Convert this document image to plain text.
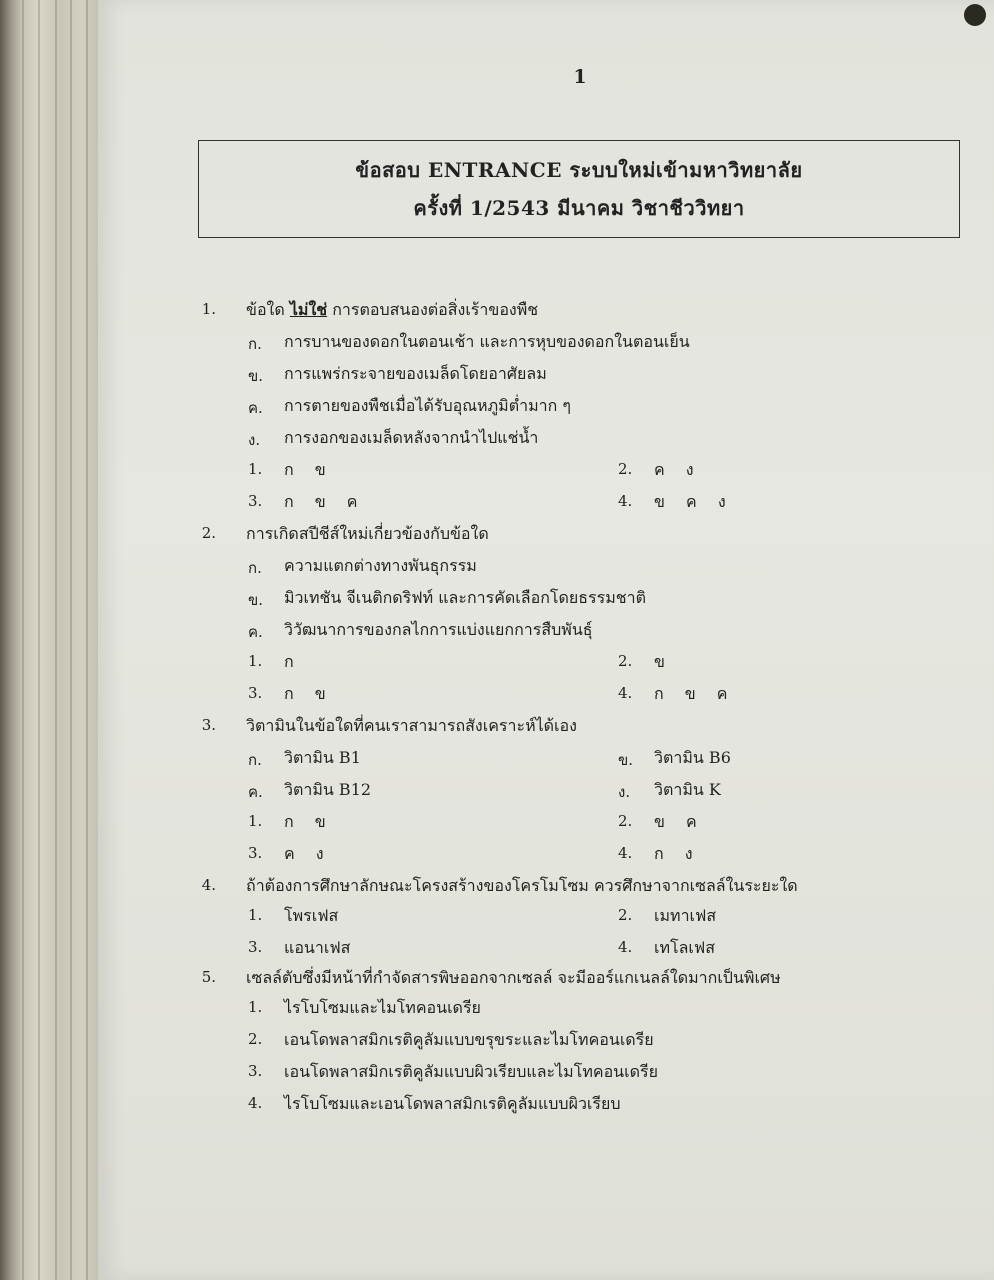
1
ข้อสอบ ENTRANCE ระบบใหม่เข้ามหาวิทยาลัย
ครั้งที่ 1/2543 มีนาคม วิชาชีววิทยา
1. ข้อใด ไม่ใช่ การตอบสนองต่อสิ่งเร้าของพืช
ก.	การบานของดอกในตอนเช้า และการหุบของดอกในตอนเย็น
ข.	การแพร่กระจายของเมล็ดโดยอาศัยลม
ค.	การตายของพืชเมื่อได้รับอุณหภูมิต่ำมาก ๆ
ง.	การงอกของเมล็ดหลังจากนำไปแช่น้ำ
1.	ก ข	2.	ค ง
3.	ก ข ค	4.	ข ค ง
2. การเกิดสปีชีส์ใหม่เกี่ยวข้องกับข้อใด
ก.	ความแตกต่างทางพันธุกรรม
ข.	มิวเทชัน จีเนติกดริฟท์ และการคัดเลือกโดยธรรมชาติ
ค.	วิวัฒนาการของกลไกการแบ่งแยกการสืบพันธุ์
1.	ก	2.	ข
3.	ก ข	4.	ก ข ค
3. วิตามินในข้อใดที่คนเราสามารถสังเคราะห์ได้เอง
ก.	วิตามิน B1	ข.	วิตามิน B6
ค.	วิตามิน B12	ง.	วิตามิน K
1.	ก ข	2.	ข ค
3.	ค ง	4.	ก ง
4. ถ้าต้องการศึกษาลักษณะโครงสร้างของโครโมโซม ควรศึกษาจากเซลล์ในระยะใด
1.	โพรเฟส	2.	เมทาเฟส
3.	แอนาเฟส	4.	เทโลเฟส
5. เซลล์ตับซึ่งมีหน้าที่กำจัดสารพิษออกจากเซลล์ จะมีออร์แกเนลล์ใดมากเป็นพิเศษ
1.	ไรโบโซมและไมโทคอนเดรีย
2.	เอนโดพลาสมิกเรติคูลัมแบบขรุขระและไมโทคอนเดรีย
3.	เอนโดพลาสมิกเรติคูลัมแบบผิวเรียบและไมโทคอนเดรีย
4.	ไรโบโซมและเอนโดพลาสมิกเรติคูลัมแบบผิวเรียบ
